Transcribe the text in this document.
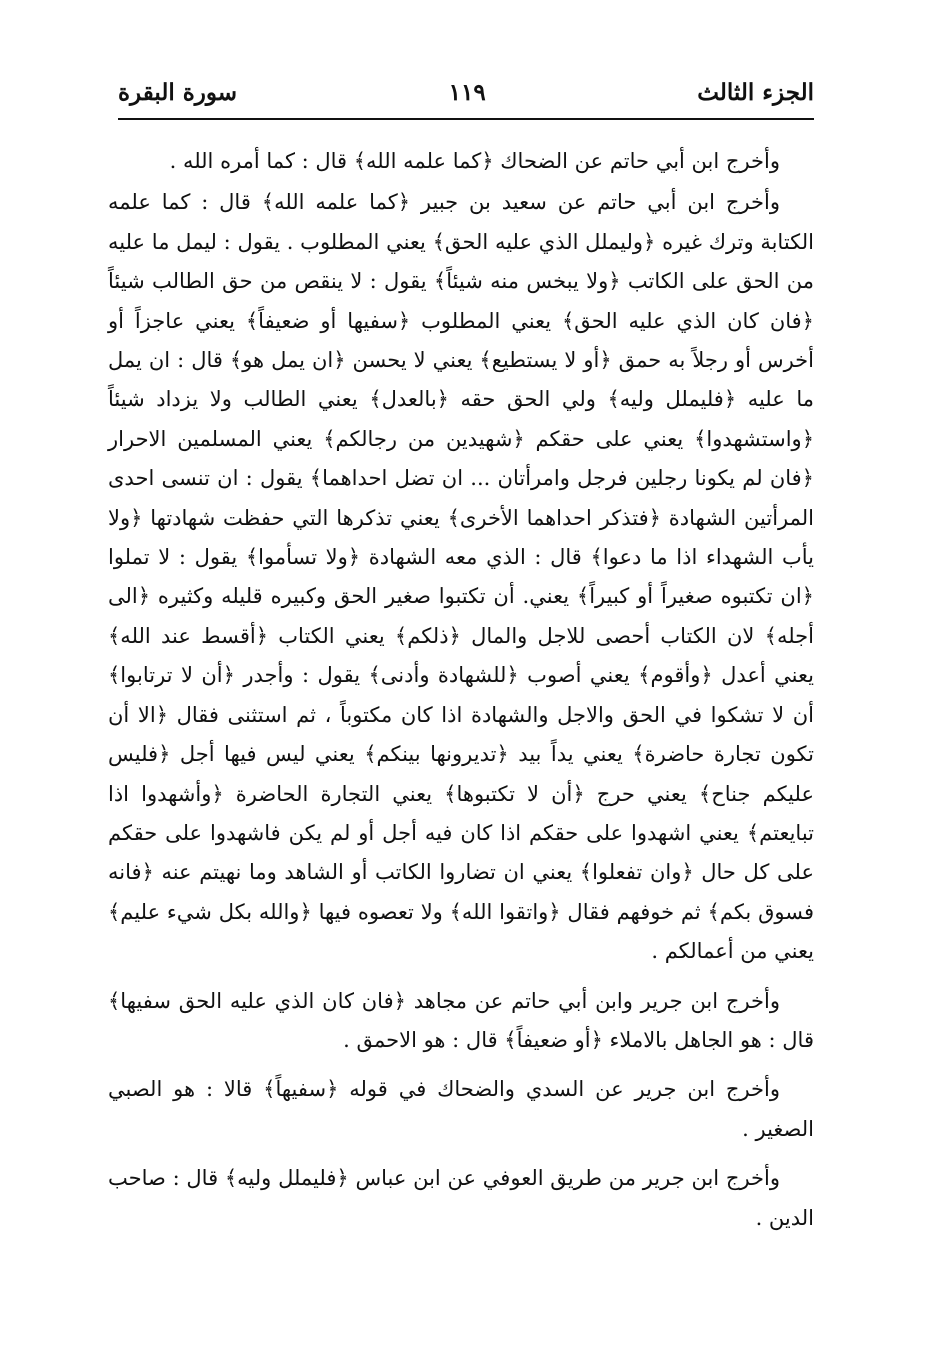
الجزء الثالث
١١٩
سورة البقرة

وأخرج ابن أبي حاتم عن الضحاك ﴿كما علمه الله﴾ قال : كما أمره الله .

وأخرج ابن أبي حاتم عن سعيد بن جبير ﴿كما علمه الله﴾ قال : كما علمه الكتابة وترك غيره ﴿وليملل الذي عليه الحق﴾ يعني المطلوب . يقول : ليمل ما عليه من الحق على الكاتب ﴿ولا يبخس منه شيئاً﴾ يقول : لا ينقص من حق الطالب شيئاً ﴿فان كان الذي عليه الحق﴾ يعني المطلوب ﴿سفيها أو ضعيفاً﴾ يعني عاجزاً أو أخرس أو رجلاً به حمق ﴿أو لا يستطيع﴾ يعني لا يحسن ﴿ان يمل هو﴾ قال : ان يمل ما عليه ﴿فليملل وليه﴾ ولي الحق حقه ﴿بالعدل﴾ يعني الطالب ولا يزداد شيئاً ﴿واستشهدوا﴾ يعني على حقكم ﴿شهيدين من رجالكم﴾ يعني المسلمين الاحرار ﴿فان لم يكونا رجلين فرجل وامرأتان ... ان تضل احداهما﴾ يقول : ان تنسى احدى المرأتين الشهادة ﴿فتذكر احداهما الأخرى﴾ يعني تذكرها التي حفظت شهادتها ﴿ولا يأب الشهداء اذا ما دعوا﴾ قال : الذي معه الشهادة ﴿ولا تسأموا﴾ يقول : لا تملوا ﴿ان تكتبوه صغيراً أو كبيراً﴾ يعني. أن تكتبوا صغير الحق وكبيره قليله وكثيره ﴿الى أجله﴾ لان الكتاب أحصى للاجل والمال ﴿ذلكم﴾ يعني الكتاب ﴿أقسط عند الله﴾ يعني أعدل ﴿وأقوم﴾ يعني أصوب ﴿للشهادة وأدنى﴾ يقول : وأجدر ﴿أن لا ترتابوا﴾ أن لا تشكوا في الحق والاجل والشهادة اذا كان مكتوباً ، ثم استثنى فقال ﴿الا أن تكون تجارة حاضرة﴾ يعني يداً بيد ﴿تديرونها بينكم﴾ يعني ليس فيها أجل ﴿فليس عليكم جناح﴾ يعني حرج ﴿أن لا تكتبوها﴾ يعني التجارة الحاضرة ﴿وأشهدوا اذا تبايعتم﴾ يعني اشهدوا على حقكم اذا كان فيه أجل أو لم يكن فاشهدوا على حقكم على كل حال ﴿وان تفعلوا﴾ يعني ان تضاروا الكاتب أو الشاهد وما نهيتم عنه ﴿فانه فسوق بكم﴾ ثم خوفهم فقال ﴿واتقوا الله﴾ ولا تعصوه فيها ﴿والله بكل شيء عليم﴾ يعني من أعمالكم .

وأخرج ابن جرير وابن أبي حاتم عن مجاهد ﴿فان كان الذي عليه الحق سفيها﴾ قال : هو الجاهل بالاملاء ﴿أو ضعيفاً﴾ قال : هو الاحمق .

وأخرج ابن جرير عن السدي والضحاك في قوله ﴿سفيهاً﴾ قالا : هو الصبي الصغير .

وأخرج ابن جرير من طريق العوفي عن ابن عباس ﴿فليملل وليه﴾ قال : صاحب الدين .
